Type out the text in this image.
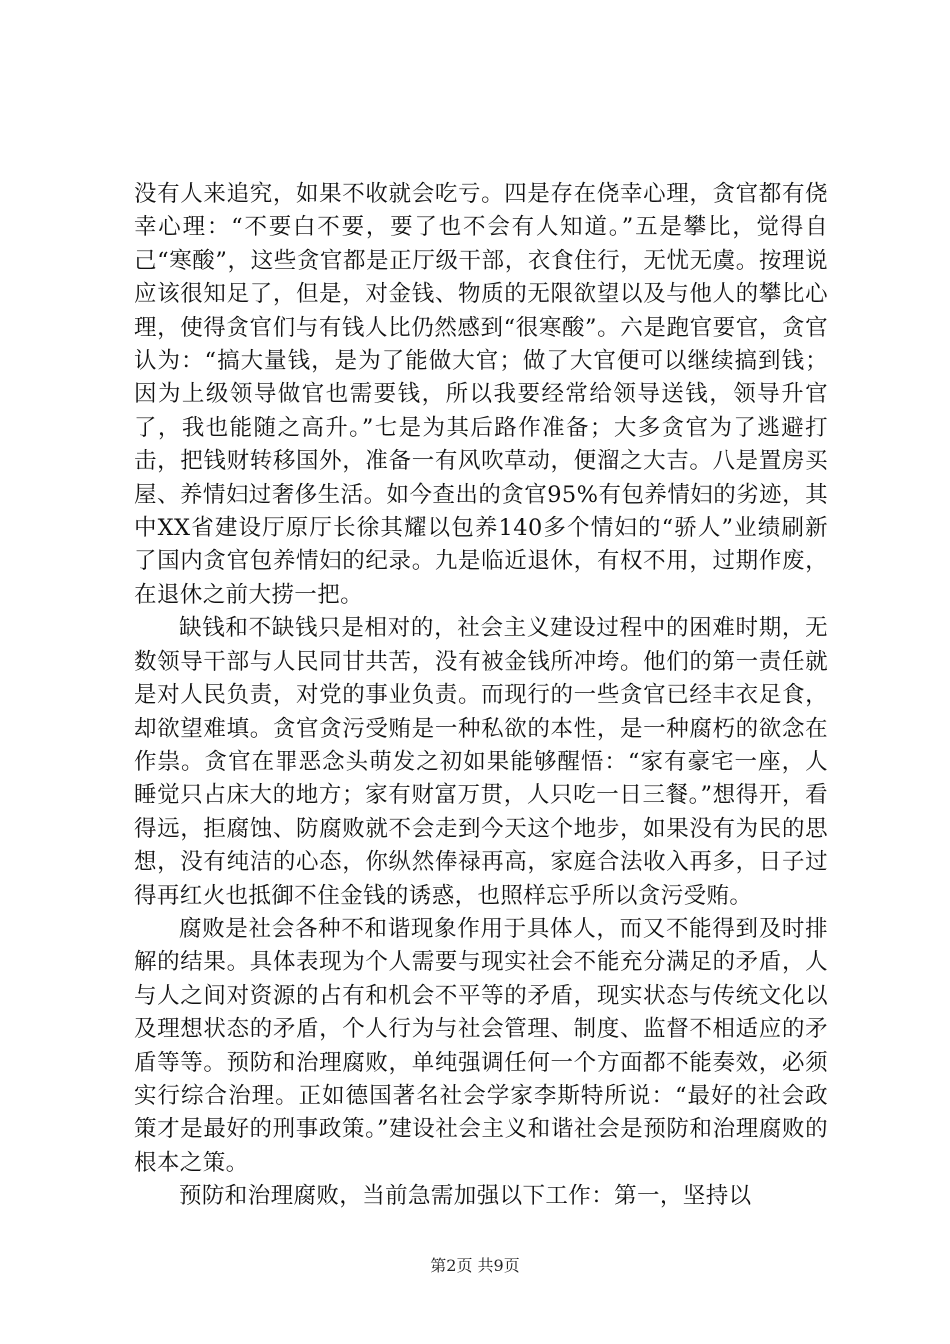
没有人来追究，如果不收就会吃亏。四是存在侥幸心理，贪官都有侥幸心理：“不要白不要，要了也不会有人知道。”五是攀比，觉得自己“寒酸”，这些贪官都是正厅级干部，衣食住行，无忧无虞。按理说应该很知足了，但是，对金钱、物质的无限欲望以及与他人的攀比心理，使得贪官们与有钱人比仍然感到“很寒酸”。六是跑官要官，贪官认为：“搞大量钱，是为了能做大官；做了大官便可以继续搞到钱；因为上级领导做官也需要钱，所以我要经常给领导送钱，领导升官了，我也能随之高升。”七是为其后路作准备；大多贪官为了逃避打击，把钱财转移国外，准备一有风吹草动，便溜之大吉。八是置房买屋、养情妇过奢侈生活。如今查出的贪官95%有包养情妇的劣迹，其中XX省建设厅原厅长徐其耀以包养140多个情妇的“骄人”业绩刷新了国内贪官包养情妇的纪录。九是临近退休，有权不用，过期作废，在退休之前大捞一把。

缺钱和不缺钱只是相对的，社会主义建设过程中的困难时期，无数领导干部与人民同甘共苦，没有被金钱所冲垮。他们的第一责任就是对人民负责，对党的事业负责。而现行的一些贪官已经丰衣足食，却欲望难填。贪官贪污受贿是一种私欲的本性，是一种腐朽的欲念在作祟。贪官在罪恶念头萌发之初如果能够醒悟：“家有豪宅一座，人睡觉只占床大的地方；家有财富万贯，人只吃一日三餐。”想得开，看得远，拒腐蚀、防腐败就不会走到今天这个地步，如果没有为民的思想，没有纯洁的心态，你纵然俸禄再高，家庭合法收入再多，日子过得再红火也抵御不住金钱的诱惑，也照样忘乎所以贪污受贿。

腐败是社会各种不和谐现象作用于具体人，而又不能得到及时排解的结果。具体表现为个人需要与现实社会不能充分满足的矛盾，人与人之间对资源的占有和机会不平等的矛盾，现实状态与传统文化以及理想状态的矛盾，个人行为与社会管理、制度、监督不相适应的矛盾等等。预防和治理腐败，单纯强调任何一个方面都不能奏效，必须实行综合治理。正如德国著名社会学家李斯特所说：“最好的社会政策才是最好的刑事政策。”建设社会主义和谐社会是预防和治理腐败的根本之策。

预防和治理腐败，当前急需加强以下工作：第一，坚持以

第2页 共9页
